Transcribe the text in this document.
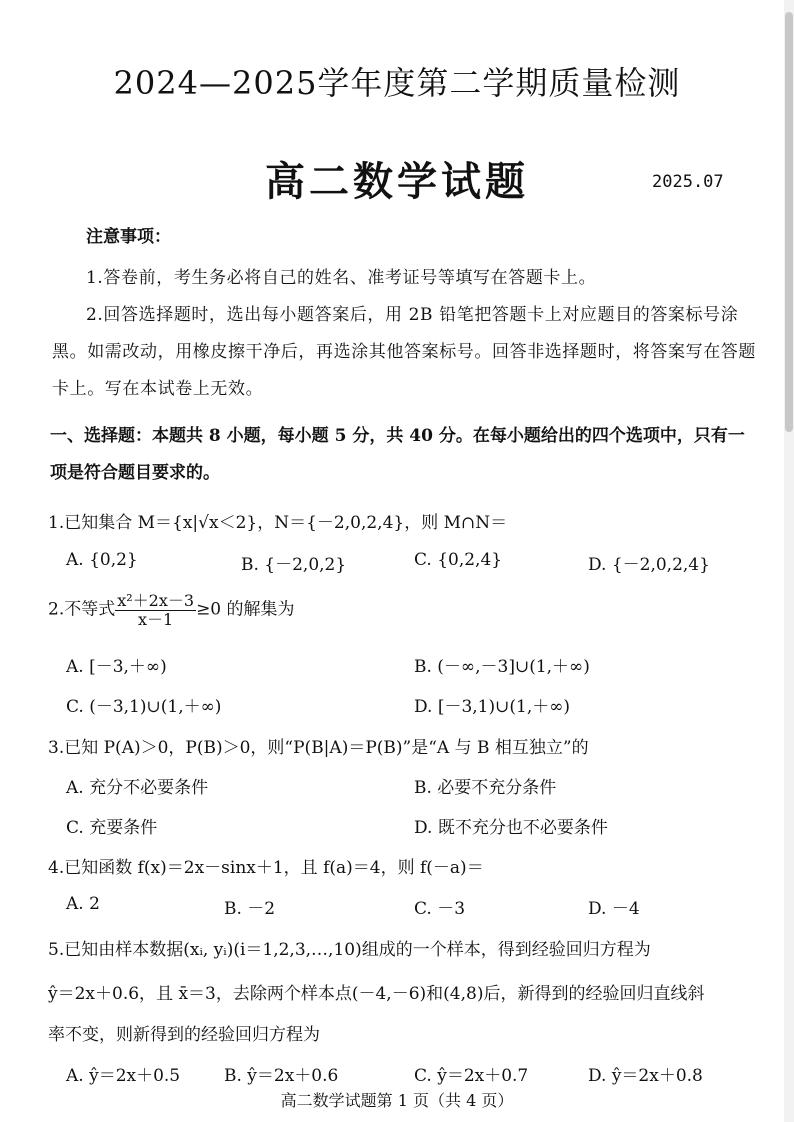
2024—2025学年度第二学期质量检测
高二数学试题	2025.07
注意事项：
1.答卷前，考生务必将自己的姓名、准考证号等填写在答题卡上。
2.回答选择题时，选出每小题答案后，用 2B 铅笔把答题卡上对应题目的答案标号涂黑。如需改动，用橡皮擦干净后，再选涂其他答案标号。回答非选择题时，将答案写在答题卡上。写在本试卷上无效。
一、选择题：本题共 8 小题，每小题 5 分，共 40 分。在每小题给出的四个选项中，只有一项是符合题目要求的。
1.已知集合 M＝{x|√x＜2}，N＝{－2,0,2,4}，则 M∩N＝
A. {0,2}	B. {－2,0,2}	C. {0,2,4}	D. {－2,0,2,4}
2.不等式 $\frac{\text{x²＋2x－3}}{x-1} \ge 0$ 的解集为
A. [－3,＋∞)	B. (－∞,－3]∪(1,＋∞)
C. (－3,1)∪(1,＋∞)	D. [－3,1)∪(1,＋∞)
3.已知 P(A)＞0，P(B)＞0，则“P(B|A)＝P(B)”是“A 与 B 相互独立”的
A. 充分不必要条件	B. 必要不充分条件
C. 充要条件	D. 既不充分也不必要条件
4.已知函数 f(x)＝2x－sinx＋1，且 f(a)＝4，则 f(－a)＝
A. 2	B. －2	C. －3	D. －4
5.已知由样本数据(xᵢ, yᵢ)(i＝1,2,3,…,10)组成的一个样本，得到经验回归方程为
ŷ＝2x＋0.6，且 x̄＝3，去除两个样本点(－4,－6)和(4,8)后，新得到的经验回归直线斜
率不变，则新得到的经验回归方程为
A. ŷ＝2x＋0.5	B. ŷ＝2x＋0.6	C. ŷ＝2x＋0.7	D. ŷ＝2x＋0.8
高二数学试题第 1 页（共 4 页）
